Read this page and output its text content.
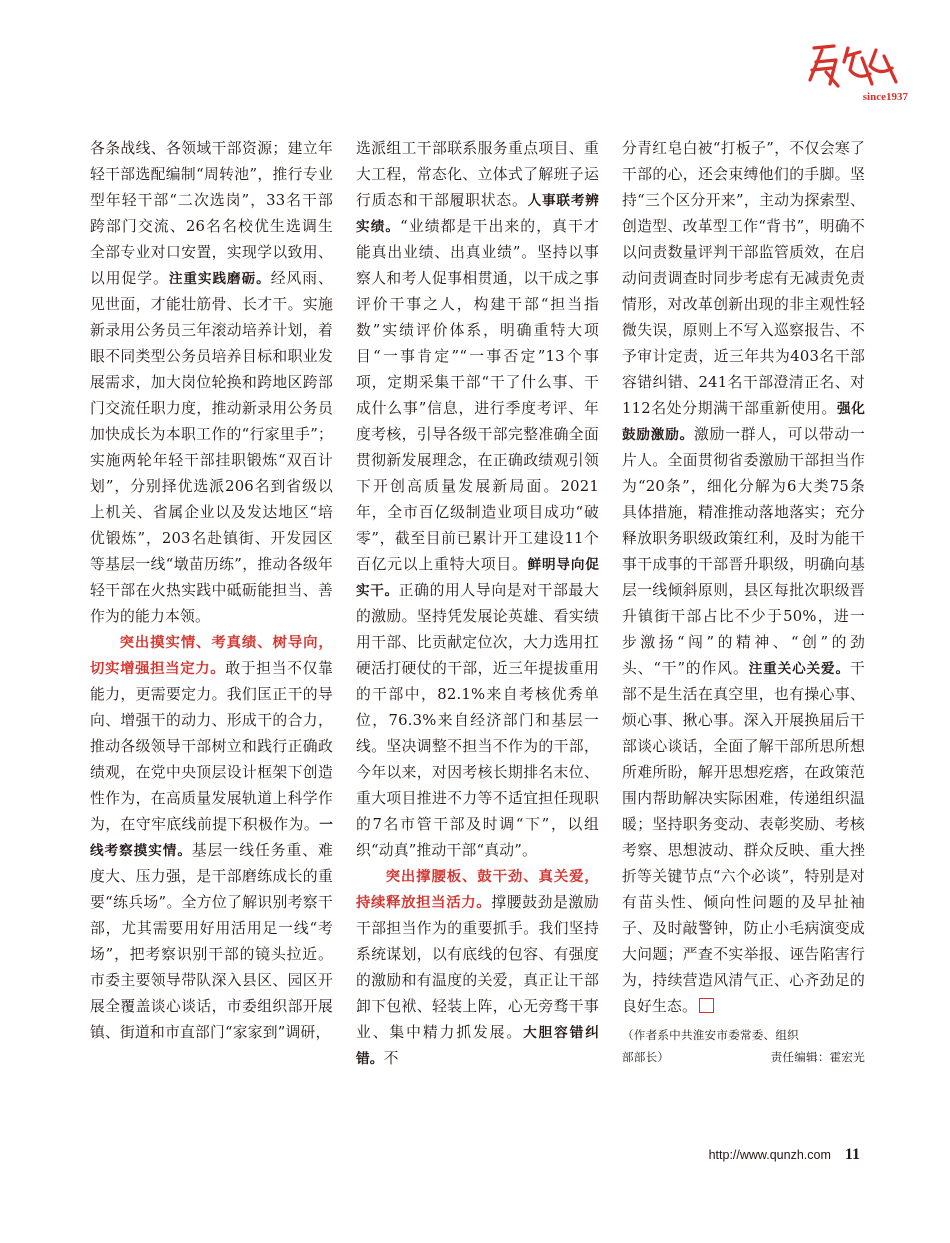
since1937

各条战线、各领域干部资源；建立年轻干部选配编制“周转池”，推行专业型年轻干部“二次选岗”，33名干部跨部门交流、26名名校优生选调生全部专业对口安置，实现学以致用、以用促学。注重实践磨砺。经风雨、见世面，才能壮筋骨、长才干。实施新录用公务员三年滚动培养计划，着眼不同类型公务员培养目标和职业发展需求，加大岗位轮换和跨地区跨部门交流任职力度，推动新录用公务员加快成长为本职工作的“行家里手”；实施两轮年轻干部挂职锻炼“双百计划”，分别择优选派206名到省级以上机关、省属企业以及发达地区“培优锻炼”，203名赴镇街、开发园区等基层一线“墩苗历练”，推动各级年轻干部在火热实践中砥砺能担当、善作为的能力本领。

突出摸实情、考真绩、树导向，切实增强担当定力。敢于担当不仅靠能力，更需要定力。我们匡正干的导向、增强干的动力、形成干的合力，推动各级领导干部树立和践行正确政绩观，在党中央顶层设计框架下创造性作为，在高质量发展轨道上科学作为，在守牢底线前提下积极作为。一线考察摸实情。基层一线任务重、难度大、压力强，是干部磨练成长的重要“练兵场”。全方位了解识别考察干部，尤其需要用好用活用足一线“考场”，把考察识别干部的镜头拉近。市委主要领导带队深入县区、园区开展全覆盖谈心谈话，市委组织部开展镇、街道和市直部门“家家到”调研，

选派组工干部联系服务重点项目、重大工程，常态化、立体式了解班子运行质态和干部履职状态。人事联考辨实绩。“业绩都是干出来的，真干才能真出业绩、出真业绩”。坚持以事察人和考人促事相贯通，以干成之事评价干事之人，构建干部“担当指数”实绩评价体系，明确重特大项目“一事肯定”“一事否定”13个事项，定期采集干部“干了什么事、干成什么事”信息，进行季度考评、年度考核，引导各级干部完整准确全面贯彻新发展理念，在正确政绩观引领下开创高质量发展新局面。2021年，全市百亿级制造业项目成功“破零”，截至目前已累计开工建设11个百亿元以上重特大项目。鲜明导向促实干。正确的用人导向是对干部最大的激励。坚持凭发展论英雄、看实绩用干部、比贡献定位次，大力选用扛硬活打硬仗的干部，近三年提拔重用的干部中，82.1%来自考核优秀单位，76.3%来自经济部门和基层一线。坚决调整不担当不作为的干部，今年以来，对因考核长期排名末位、重大项目推进不力等不适宜担任现职的7名市管干部及时调“下”，以组织“动真”推动干部“真动”。

突出撑腰板、鼓干劲、真关爱，持续释放担当活力。撑腰鼓劲是激励干部担当作为的重要抓手。我们坚持系统谋划，以有底线的包容、有强度的激励和有温度的关爱，真正让干部卸下包袱、轻装上阵，心无旁骛干事业、集中精力抓发展。大胆容错纠错。不

分青红皂白被“打板子”，不仅会寒了干部的心，还会束缚他们的手脚。坚持“三个区分开来”，主动为探索型、创造型、改革型工作“背书”，明确不以问责数量评判干部监管质效，在启动问责调查时同步考虑有无减责免责情形，对改革创新出现的非主观性轻微失误，原则上不写入巡察报告、不予审计定责，近三年共为403名干部容错纠错、241名干部澄清正名、对112名处分期满干部重新使用。强化鼓励激励。激励一群人，可以带动一片人。全面贯彻省委激励干部担当作为“20条”，细化分解为6大类75条具体措施，精准推动落地落实；充分释放职务职级政策红利，及时为能干事干成事的干部晋升职级，明确向基层一线倾斜原则，县区每批次职级晋升镇街干部占比不少于50%，进一步激扬“闯”的精神、“创”的劲头、“干”的作风。注重关心关爱。干部不是生活在真空里，也有操心事、烦心事、揪心事。深入开展换届后干部谈心谈话，全面了解干部所思所想所难所盼，解开思想疙瘩，在政策范围内帮助解决实际困难，传递组织温暖；坚持职务变动、表彰奖励、考核考察、思想波动、群众反映、重大挫折等关键节点“六个必谈”，特别是对有苗头性、倾向性问题的及早扯袖子、及时敲警钟，防止小毛病演变成大问题；严查不实举报、诬告陷害行为，持续营造风清气正、心齐劲足的良好生态。

（作者系中共淮安市委常委、组织
部部长）	责任编辑：霍宏光
http://www.qunzh.com 11
